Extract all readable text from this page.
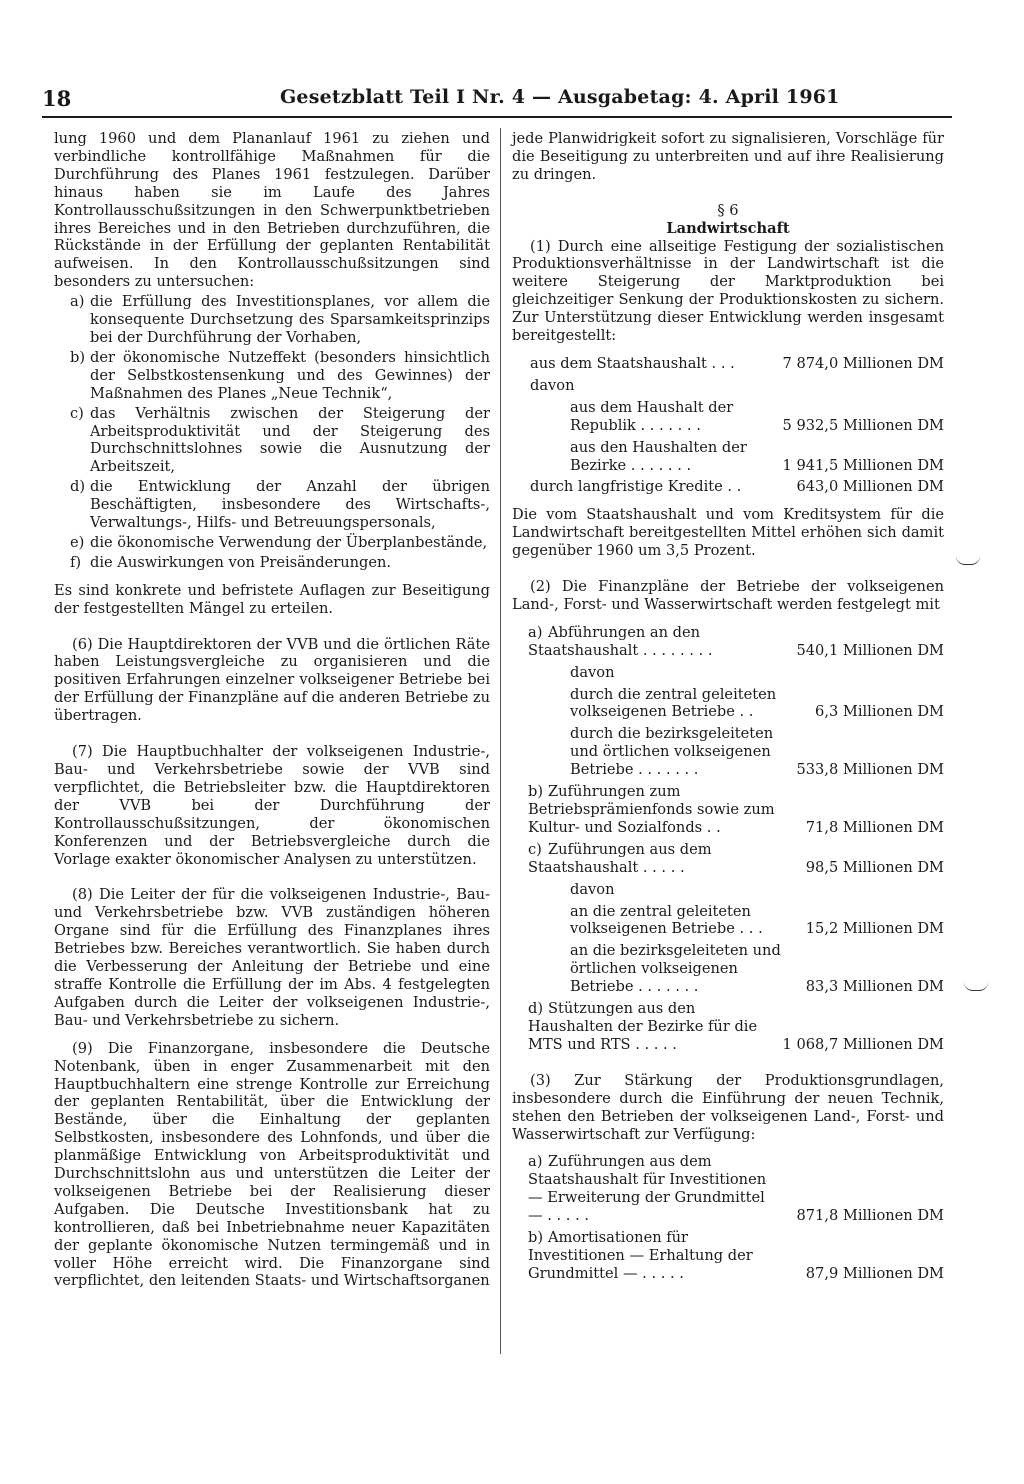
18	Gesetzblatt Teil I Nr. 4 — Ausgabetag: 4. April 1961

lung 1960 und dem Plananlauf 1961 zu ziehen und verbindliche kontrollfähige Maßnahmen für die Durchführung des Planes 1961 festzulegen. Darüber hinaus haben sie im Laufe des Jahres Kontrollausschußsitzungen in den Schwerpunktbetrieben ihres Bereiches und in den Betrieben durchzuführen, die Rückstände in der Erfüllung der geplanten Rentabilität aufweisen. In den Kontrollausschußsitzungen sind besonders zu untersuchen:

a) die Erfüllung des Investitionsplanes, vor allem die konsequente Durchsetzung des Sparsamkeitsprinzips bei der Durchführung der Vorhaben,
b) der ökonomische Nutzeffekt (besonders hinsichtlich der Selbstkostensenkung und des Gewinnes) der Maßnahmen des Planes „Neue Technik“,
c) das Verhältnis zwischen der Steigerung der Arbeitsproduktivität und der Steigerung des Durchschnittslohnes sowie die Ausnutzung der Arbeitszeit,
d) die Entwicklung der Anzahl der übrigen Beschäftigten, insbesondere des Wirtschafts-, Verwaltungs-, Hilfs- und Betreuungspersonals,
e) die ökonomische Verwendung der Überplanbestände,
f) die Auswirkungen von Preisänderungen.

Es sind konkrete und befristete Auflagen zur Beseitigung der festgestellten Mängel zu erteilen.

(6) Die Hauptdirektoren der VVB und die örtlichen Räte haben Leistungsvergleiche zu organisieren und die positiven Erfahrungen einzelner volkseigener Betriebe bei der Erfüllung der Finanzpläne auf die anderen Betriebe zu übertragen.

(7) Die Hauptbuchhalter der volkseigenen Industrie-, Bau- und Verkehrsbetriebe sowie der VVB sind verpflichtet, die Betriebsleiter bzw. die Hauptdirektoren der VVB bei der Durchführung der Kontrollausschußsitzungen, der ökonomischen Konferenzen und der Betriebsvergleiche durch die Vorlage exakter ökonomischer Analysen zu unterstützen.

(8) Die Leiter der für die volkseigenen Industrie-, Bau- und Verkehrsbetriebe bzw. VVB zuständigen höheren Organe sind für die Erfüllung des Finanzplanes ihres Betriebes bzw. Bereiches verantwortlich. Sie haben durch die Verbesserung der Anleitung der Betriebe und eine straffe Kontrolle die Erfüllung der im Abs. 4 festgelegten Aufgaben durch die Leiter der volkseigenen Industrie-, Bau- und Verkehrsbetriebe zu sichern.

(9) Die Finanzorgane, insbesondere die Deutsche Notenbank, üben in enger Zusammenarbeit mit den Hauptbuchhaltern eine strenge Kontrolle zur Erreichung der geplanten Rentabilität, über die Entwicklung der Bestände, über die Einhaltung der geplanten Selbstkosten, insbesondere des Lohnfonds, und über die planmäßige Entwicklung von Arbeitsproduktivität und Durchschnittslohn aus und unterstützen die Leiter der volkseigenen Betriebe bei der Realisierung dieser Aufgaben. Die Deutsche Investitionsbank hat zu kontrollieren, daß bei Inbetriebnahme neuer Kapazitäten der geplante ökonomische Nutzen termingemäß und in voller Höhe erreicht wird. Die Finanzorgane sind verpflichtet, den leitenden Staats- und Wirtschaftsorganen

jede Planwidrigkeit sofort zu signalisieren, Vorschläge für die Beseitigung zu unterbreiten und auf ihre Realisierung zu dringen.

§ 6

Landwirtschaft

(1) Durch eine allseitige Festigung der sozialistischen Produktionsverhältnisse in der Landwirtschaft ist die weitere Steigerung der Marktproduktion bei gleichzeitiger Senkung der Produktionskosten zu sichern. Zur Unterstützung dieser Entwicklung werden insgesamt bereitgestellt:

aus dem Staatshaushalt . . .	7 874,0 Millionen DM
davon
aus dem Haushalt der Republik . . . . . . .	5 932,5 Millionen DM
aus den Haushalten der Bezirke . . . . . . .	1 941,5 Millionen DM
durch langfristige Kredite . .	643,0 Millionen DM

Die vom Staatshaushalt und vom Kreditsystem für die Landwirtschaft bereitgestellten Mittel erhöhen sich damit gegenüber 1960 um 3,5 Prozent.

(2) Die Finanzpläne der Betriebe der volkseigenen Land-, Forst- und Wasserwirtschaft werden festgelegt mit

a) Abführungen an den Staatshaushalt . . . . . . . .	540,1 Millionen DM
davon
durch die zentral geleiteten volkseigenen Betriebe . .	6,3 Millionen DM
durch die bezirksgeleiteten und örtlichen volkseigenen Betriebe . . . . . . .	533,8 Millionen DM
b) Zuführungen zum Betriebsprämienfonds sowie zum Kultur- und Sozialfonds . .	71,8 Millionen DM
c) Zuführungen aus dem Staatshaushalt . . . . .	98,5 Millionen DM
davon
an die zentral geleiteten volkseigenen Betriebe . . .	15,2 Millionen DM
an die bezirksgeleiteten und örtlichen volkseigenen Betriebe . . . . . . .	83,3 Millionen DM
d) Stützungen aus den Haushalten der Bezirke für die MTS und RTS . . . . .	1 068,7 Millionen DM

(3) Zur Stärkung der Produktionsgrundlagen, insbesondere durch die Einführung der neuen Technik, stehen den Betrieben der volkseigenen Land-, Forst- und Wasserwirtschaft zur Verfügung:

a) Zuführungen aus dem Staatshaushalt für Investitionen — Erweiterung der Grundmittel — . . . . .	871,8 Millionen DM
b) Amortisationen für Investitionen — Erhaltung der Grundmittel — . . . . .	87,9 Millionen DM
